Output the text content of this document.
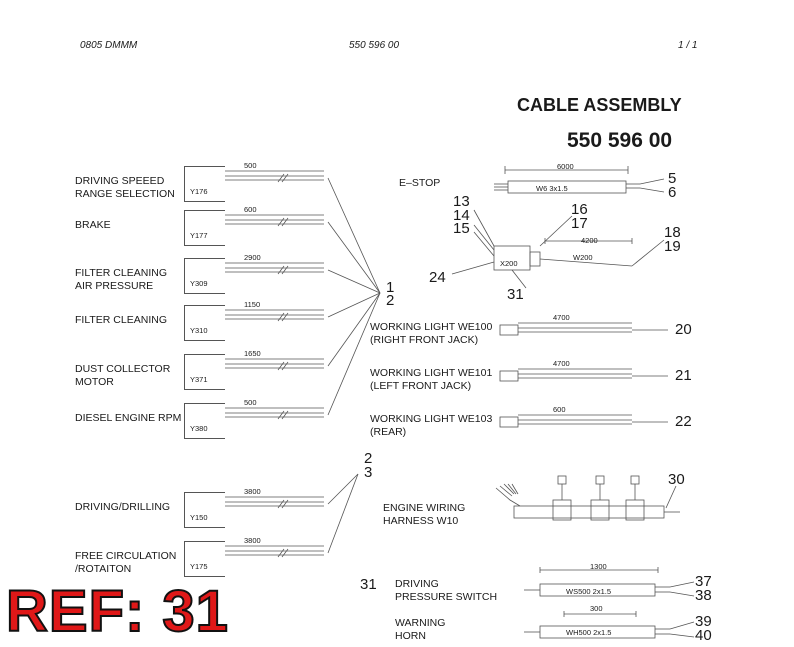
0805 DMMM	550 596 00	1 / 1
CABLE ASSEMBLY
550 596 00
DRIVING SPEEED
RANGE SELECTION Y176
500
BRAKE
Y177
600
FILTER CLEANING
AIR PRESSURE	Y309
2900
FILTER CLEANING
Y310
1150
DUST COLLECTOR
MOTOR	Y371
1650
DIESEL ENGINE RPM
Y380
500
DRIVING/DRILLING
Y150
3800
FREE CIRCULATION
/ROTAITON	Y175
3800
1
2
2
3
E–STOP
6000
W6 3x1.5
5
6
13
14
15
16
17
18
19
24
31
X200
W200
4200
WORKING LIGHT WE100
(RIGHT FRONT JACK)
4700
20
WORKING LIGHT WE101
(LEFT FRONT JACK)
4700
21
WORKING LIGHT WE103
(REAR)
600
22
ENGINE WIRING
HARNESS W10
30
31 DRIVING
PRESSURE SWITCH
1300
WS500 2x1.5
37
38
WARNING
HORN
300
WH500 2x1.5
39
40
REF: 31
